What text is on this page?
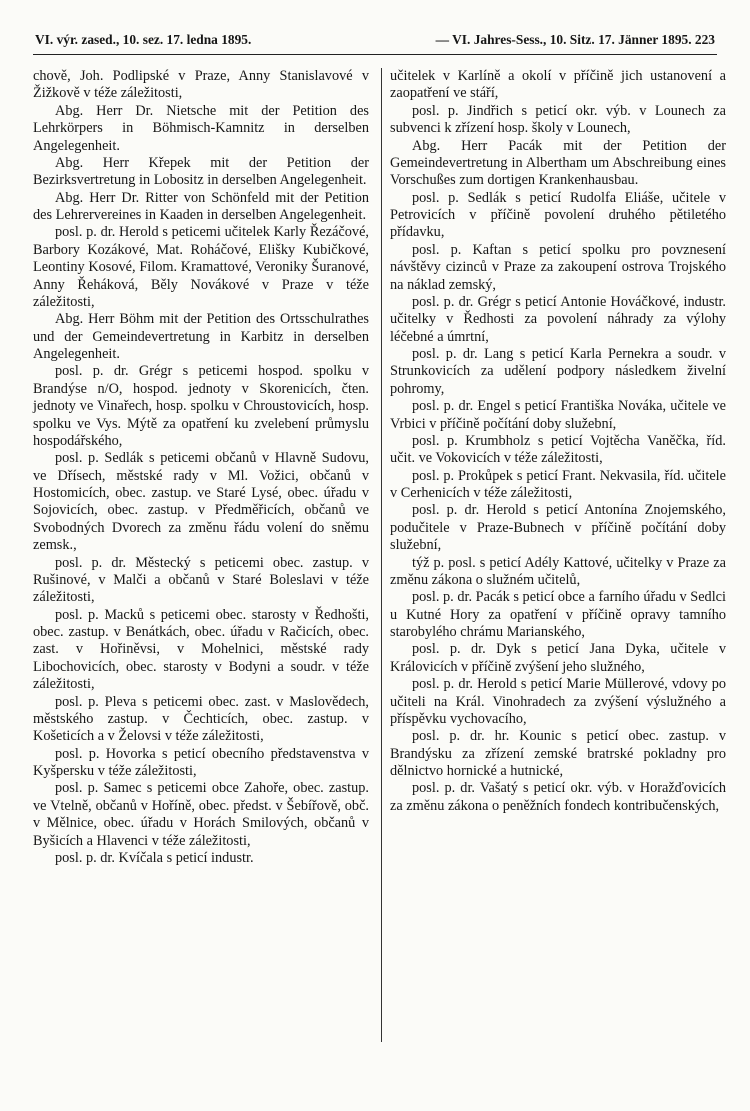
VI. výr. zased., 10. sez. 17. ledna 1895.	— VI. Jahres-Sess., 10. Sitz. 17. Jänner 1895. 223

chově, Joh. Podlipské v Praze, Anny Stanislavové v Žižkově v téže záležitosti,

Abg. Herr Dr. Nietsche mit der Petition des Lehrkörpers in Böhmisch-Kamnitz in derselben Angelegenheit.

Abg. Herr Křepek mit der Petition der Bezirksvertretung in Lobositz in derselben Angelegenheit.

Abg. Herr Dr. Ritter von Schönfeld mit der Petition des Lehrervereines in Kaaden in derselben Angelegenheit.

posl. p. dr. Herold s peticemi učitelek Karly Řezáčové, Barbory Kozákové, Mat. Roháčové, Elišky Kubičkové, Leontiny Kosové, Filom. Kramattové, Veroniky Šuranové, Anny Řeháková, Běly Novákové v Praze v téže záležitosti,

Abg. Herr Böhm mit der Petition des Ortsschulrathes und der Gemeindevertretung in Karbitz in derselben Angelegenheit.

posl. p. dr. Grégr s peticemi hospod. spolku v Brandýse n/O, hospod. jednoty v Skorenicích, čten. jednoty ve Vinařech, hosp. spolku v Chroustovicích, hosp. spolku ve Vys. Mýtě za opatření ku zvelebení průmyslu hospodářského,

posl. p. Sedlák s peticemi občanů v Hlavně Sudovu, ve Dřísech, městské rady v Ml. Vožici, občanů v Hostomicích, obec. zastup. ve Staré Lysé, obec. úřadu v Sojovicích, obec. zastup. v Předměřicích, občanů ve Svobodných Dvorech za změnu řádu volení do sněmu zemsk.,

posl. p. dr. Městecký s peticemi obec. zastup. v Rušinové, v Malči a občanů v Staré Boleslavi v téže záležitosti,

posl. p. Macků s peticemi obec. starosty v Ředhošti, obec. zastup. v Benátkách, obec. úřadu v Račicích, obec. zast. v Hořiněvsi, v Mohelnici, městské rady Libochovicích, obec. starosty v Bodyni a soudr. v téže záležitosti,

posl. p. Pleva s peticemi obec. zast. v Maslovědech, městského zastup. v Čechticích, obec. zastup. v Košeticích a v Želovsi v téže záležitosti,

posl. p. Hovorka s peticí obecního představenstva v Kyšpersku v téže záležitosti,

posl. p. Samec s peticemi obce Zahoře, obec. zastup. ve Vtelně, občanů v Hoříně, obec. předst. v Šebířově, obč. v Mělnice, obec. úřadu v Horách Smilových, občanů v Byšicích a Hlavenci v téže záležitosti,

posl. p. dr. Kvíčala s peticí industr.

učitelek v Karlíně a okolí v příčině jich ustanovení a zaopatření ve stáří,

posl. p. Jindřich s peticí okr. výb. v Lounech za subvenci k zřízení hosp. školy v Lounech,

Abg. Herr Pacák mit der Petition der Gemeindevertretung in Albertham um Abschreibung eines Vorschußes zum dortigen Krankenhausbau.

posl. p. Sedlák s peticí Rudolfa Eliáše, učitele v Petrovicích v příčině povolení druhého pětiletého přídavku,

posl. p. Kaftan s peticí spolku pro povznesení návštěvy cizinců v Praze za zakoupení ostrova Trojského na náklad zemský,

posl. p. dr. Grégr s peticí Antonie Hováčkové, industr. učitelky v Ředhosti za povolení náhrady za výlohy léčebné a úmrtní,

posl. p. dr. Lang s peticí Karla Pernekra a soudr. v Strunkovicích za udělení podpory následkem živelní pohromy,

posl. p. dr. Engel s peticí Františka Nováka, učitele ve Vrbici v příčině počítání doby služební,

posl. p. Krumbholz s peticí Vojtěcha Vaněčka, říd. učit. ve Vokovicích v téže záležitosti,

posl. p. Prokůpek s peticí Frant. Nekvasila, říd. učitele v Cerhenicích v téže záležitosti,

posl. p. dr. Herold s peticí Antonína Znojemského, podučitele v Praze-Bubnech v příčině počítání doby služební,

týž p. posl. s peticí Adély Kattové, učitelky v Praze za změnu zákona o služném učitelů,

posl. p. dr. Pacák s peticí obce a farního úřadu v Sedlci u Kutné Hory za opatření v příčině opravy tamního starobylého chrámu Marianského,

posl. p. dr. Dyk s peticí Jana Dyka, učitele v Královicích v příčině zvýšení jeho služného,

posl. p. dr. Herold s peticí Marie Müllerové, vdovy po učiteli na Král. Vinohradech za zvýšení výslužného a příspěvku vychovacího,

posl. p. dr. hr. Kounic s peticí obec. zastup. v Brandýsku za zřízení zemské bratrské pokladny pro dělnictvo hornické a hutnické,

posl. p. dr. Vašatý s peticí okr. výb. v Horažďovicích za změnu zákona o peněžních fondech kontribučenských,
